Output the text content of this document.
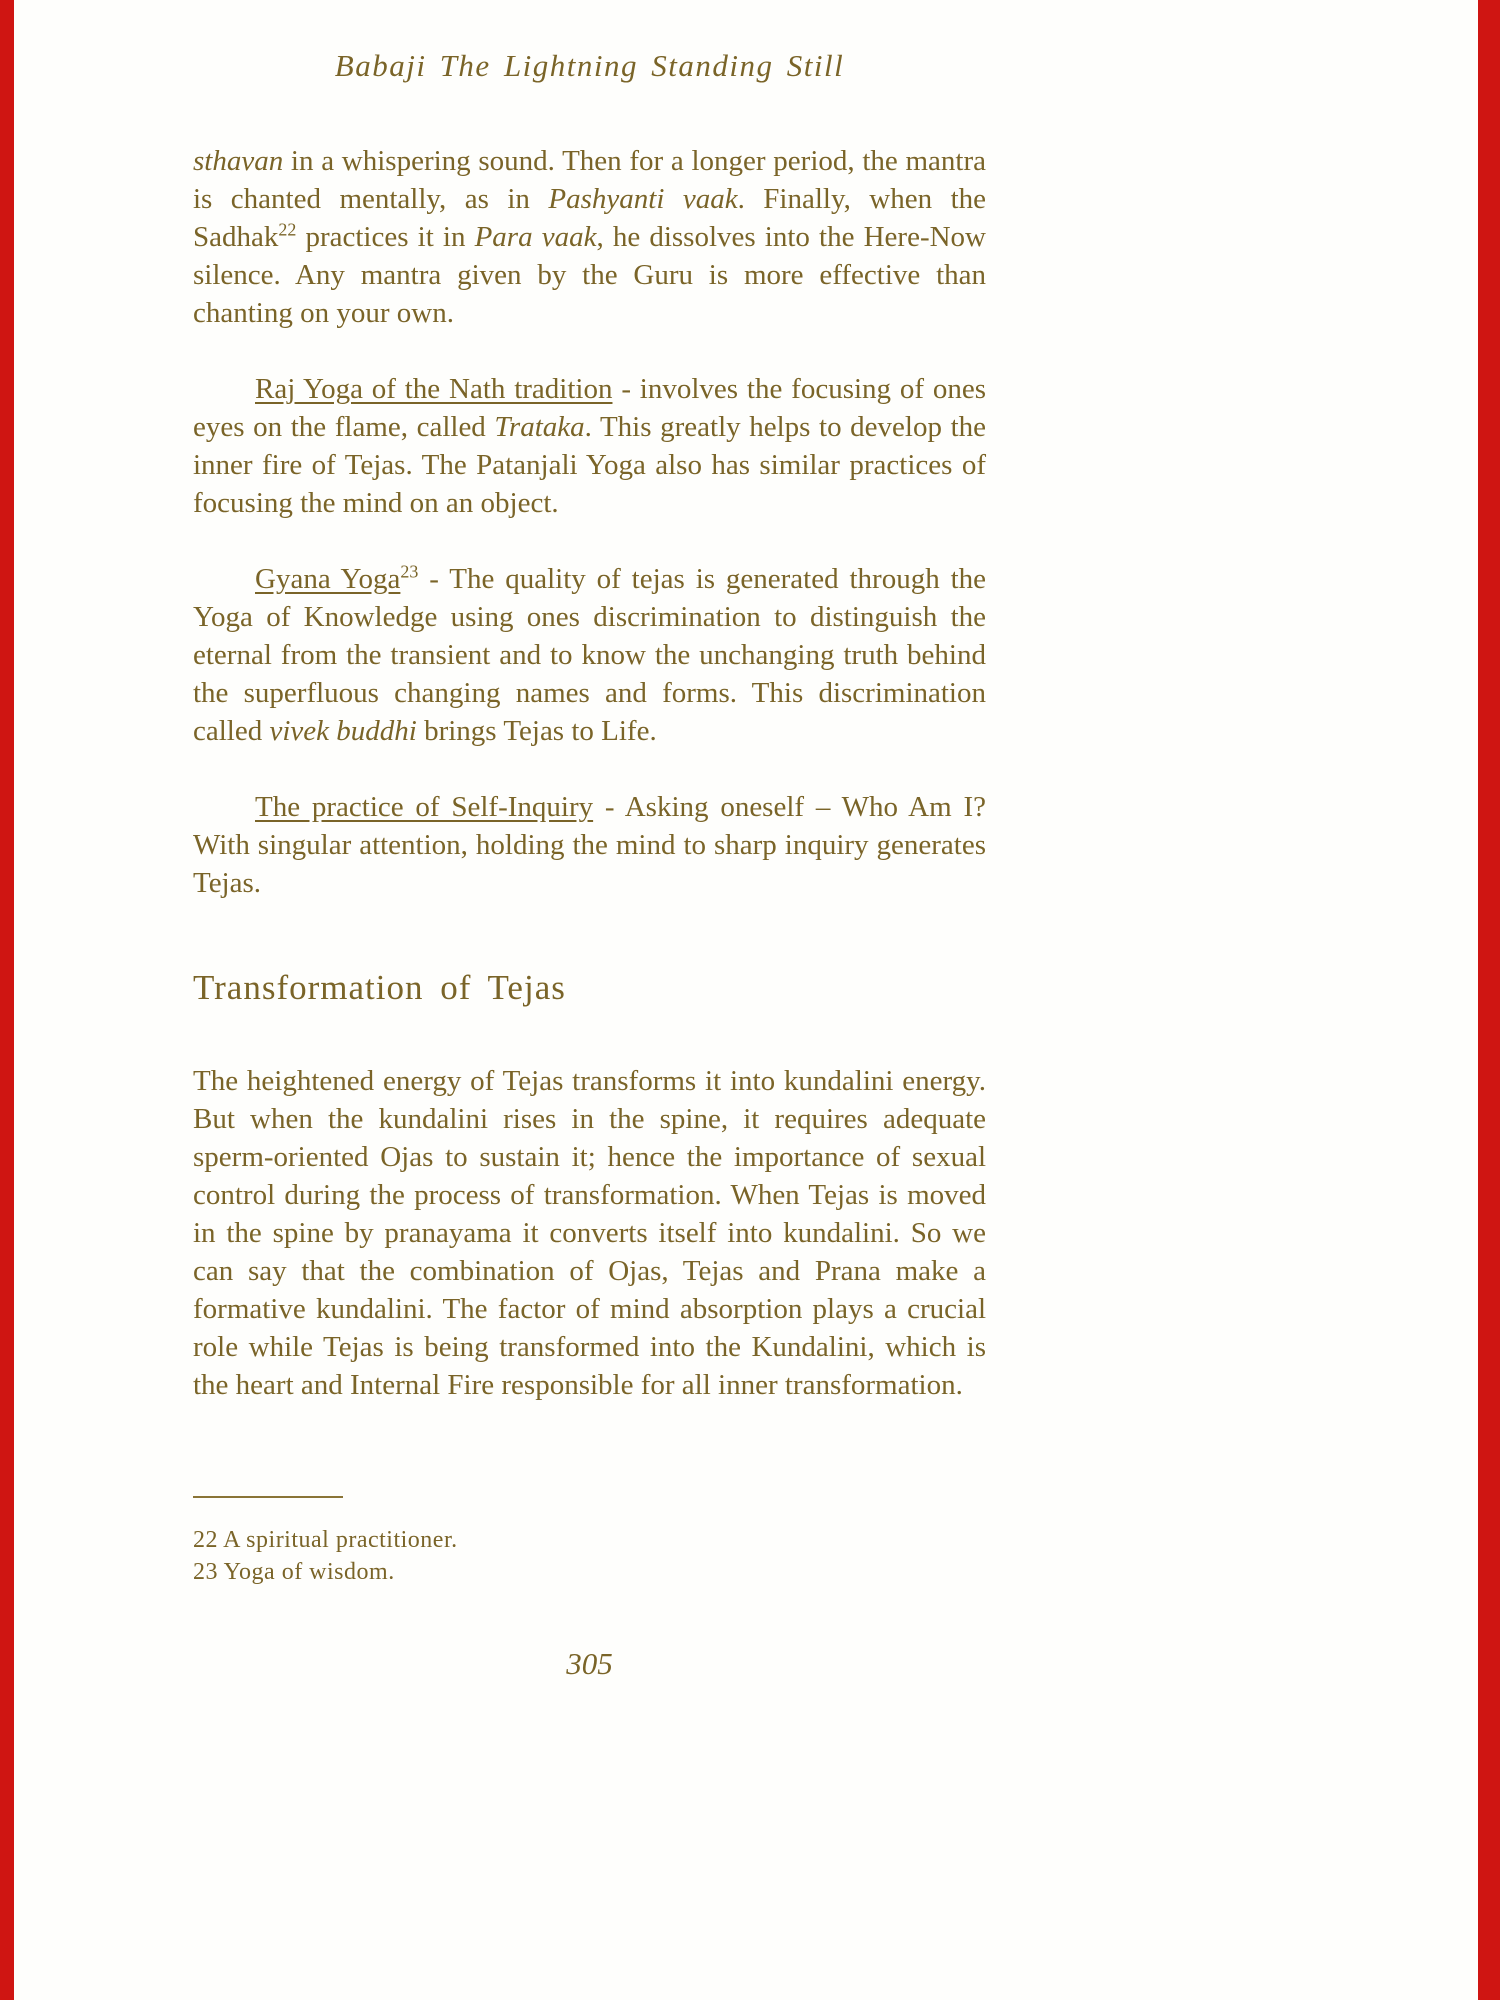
Babaji The Lightning Standing Still

sthavan in a whispering sound. Then for a longer period, the mantra is chanted mentally, as in Pashyanti vaak. Finally, when the Sadhak$^{22}$ practices it in Para vaak, he dissolves into the Here-Now silence. Any mantra given by the Guru is more effective than chanting on your own.

Raj Yoga of the Nath tradition - involves the focusing of ones eyes on the flame, called Trataka. This greatly helps to develop the inner fire of Tejas. The Patanjali Yoga also has similar practices of focusing the mind on an object.

Gyana Yoga$^{23}$ - The quality of tejas is generated through the Yoga of Knowledge using ones discrimination to distinguish the eternal from the transient and to know the unchanging truth behind the superfluous changing names and forms. This discrimination called vivek buddhi brings Tejas to Life.

The practice of Self-Inquiry - Asking oneself – Who Am I? With singular attention, holding the mind to sharp inquiry generates Tejas.

Transformation of Tejas

The heightened energy of Tejas transforms it into kundalini energy. But when the kundalini rises in the spine, it requires adequate sperm-oriented Ojas to sustain it; hence the importance of sexual control during the process of transformation. When Tejas is moved in the spine by pranayama it converts itself into kundalini. So we can say that the combination of Ojas, Tejas and Prana make a formative kundalini. The factor of mind absorption plays a crucial role while Tejas is being transformed into the Kundalini, which is the heart and Internal Fire responsible for all inner transformation.

22 A spiritual practitioner.
23 Yoga of wisdom.
305
